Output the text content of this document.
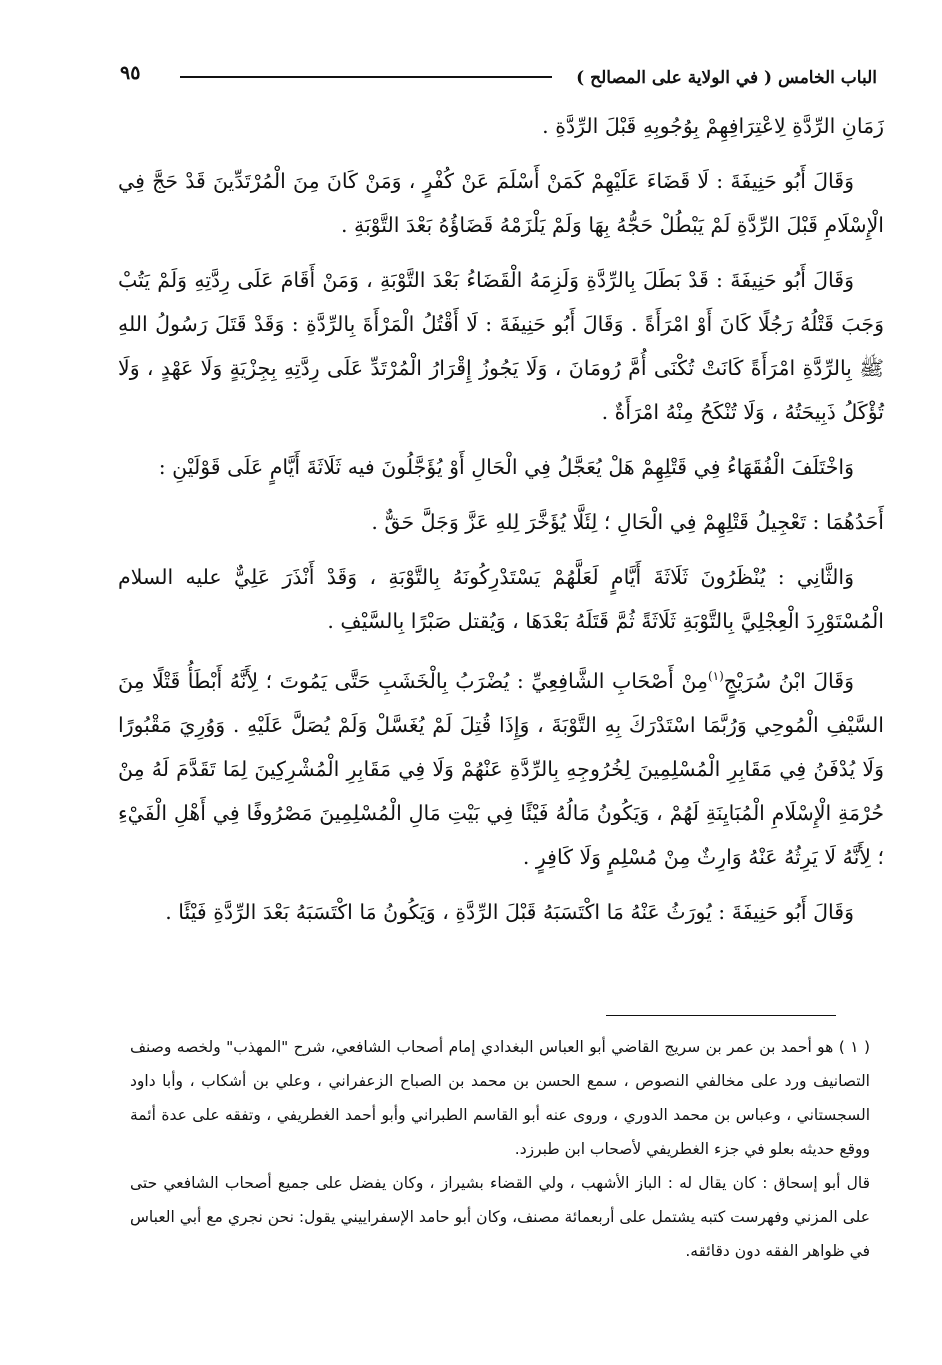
الباب الخامس ( في الولاية على المصالح )
٩٥

زَمَانِ الرِّدَّةِ لِاعْتِرَافِهِمْ بِوُجُوبِهِ قَبْلَ الرِّدَّةِ .

وَقَالَ أَبُو حَنِيفَةَ : لَا قَضَاءَ عَلَيْهِمْ كَمَنْ أَسْلَمَ عَنْ كُفْرٍ ، وَمَنْ كَانَ مِنَ الْمُرْتَدِّينَ قَدْ حَجَّ فِي الْإِسْلَامِ قَبْلَ الرِّدَّةِ لَمْ يَبْطُلْ حَجُّهُ بِهَا وَلَمْ يَلْزَمْهُ قَضَاؤُهُ بَعْدَ التَّوْبَةِ .

وَقَالَ أَبُو حَنِيفَةَ : قَدْ بَطَلَ بِالرِّدَّةِ وَلَزِمَهُ الْقَضَاءُ بَعْدَ التَّوْبَةِ ، وَمَنْ أَقَامَ عَلَى رِدَّتِهِ وَلَمْ يَتُبْ وَجَبَ قَتْلُهُ رَجُلًا كَانَ أَوْ امْرَأَةً . وَقَالَ أَبُو حَنِيفَةَ : لَا أَقْتُلُ الْمَرْأَةَ بِالرِّدَّةِ : وَقَدْ قَتَلَ رَسُولُ اللهِ ﷺ بِالرِّدَّةِ امْرَأَةً كَانَتْ تُكْنَى أُمَّ رُومَانَ ، وَلَا يَجُوزُ إِقْرَارُ الْمُرْتَدِّ عَلَى رِدَّتِهِ بِجِزْيَةٍ وَلَا عَهْدٍ ، وَلَا تُؤْكَلُ ذَبِيحَتُهُ ، وَلَا تُنْكَحُ مِنْهُ امْرَأَةٌ .

وَاخْتَلَفَ الْفُقَهَاءُ فِي قَتْلِهِمْ هَلْ يُعَجَّلُ فِي الْحَالِ أَوْ يُؤَجَّلُونَ فيه ثَلَاثَةَ أَيَّامٍ عَلَى قَوْلَيْنِ :

أَحَدُهُمَا : تَعْجِيلُ قَتْلِهِمْ فِي الْحَالِ ؛ لِئَلَّا يُؤَخَّرَ لِلهِ عَزَّ وَجَلَّ حَقٌّ .

وَالثَّانِي : يُنْظَرُونَ ثَلَاثَةَ أَيَّامٍ لَعَلَّهُمْ يَسْتَدْرِكُونَهُ بِالتَّوْبَةِ ، وَقَدْ أَنْذَرَ عَلِيٌّ عليه السلام الْمُسْتَوْرِدَ الْعِجْلِيَّ بِالتَّوْبَةِ ثَلَاثَةً ثُمَّ قَتَلَهُ بَعْدَهَا ، وَيُقتل صَبْرًا بِالسَّيْفِ .

وَقَالَ ابْنُ سُرَيْجٍ$^{(١)}$مِنْ أَصْحَابِ الشَّافِعِيِّ : يُضْرَبُ بِالْخَشَبِ حَتَّى يَمُوتَ ؛ لِأَنَّهُ أَبْطَأُ قَتْلًا مِنَ السَّيْفِ الْمُوحِي وَرُبَّمَا اسْتَدْرَكَ بِهِ التَّوْبَةَ ، وَإِذَا قُتِلَ لَمْ يُغَسَّلْ وَلَمْ يُصَلَّ عَلَيْهِ . وَوُرِيَ مَقْبُورًا وَلَا يُدْفَنُ فِي مَقَابِرِ الْمُسْلِمِينَ لِخُرُوجِهِ بِالرِّدَّةِ عَنْهُمْ وَلَا فِي مَقَابِرِ الْمُشْرِكِينَ لِمَا تَقَدَّمَ لَهُ مِنْ حُرْمَةِ الْإِسْلَامِ الْمُبَايِنَةِ لَهُمْ ، وَيَكُونُ مَالُهُ فَيْئًا فِي بَيْتِ مَالِ الْمُسْلِمِينَ مَصْرُوفًا فِي أَهْلِ الْفَيْءِ ؛ لِأَنَّهُ لَا يَرِثُهُ عَنْهُ وَارِثٌ مِنْ مُسْلِمٍ وَلَا كَافِرٍ .

وَقَالَ أَبُو حَنِيفَةَ : يُورَثُ عَنْهُ مَا اكْتَسَبَهُ قَبْلَ الرِّدَّةِ ، وَيَكُونُ مَا اكْتَسَبَهُ بَعْدَ الرِّدَّةِ فَيْئًا .

( ١ ) هو أحمد بن عمر بن سريج القاضي أبو العباس البغدادي إمام أصحاب الشافعي، شرح "المهذب" ولخصه وصنف التصانيف ورد على مخالفي النصوص ، سمع الحسن بن محمد بن الصباح الزعفراني ، وعلي بن أشكاب ، وأبا داود السجستاني ، وعباس بن محمد الدوري ، وروى عنه أبو القاسم الطبراني وأبو أحمد الغطريفي ، وتفقه على عدة أئمة ووقع حديثه بعلو في جزء الغطريفي لأصحاب ابن طبرزد.

قال أبو إسحاق : كان يقال له : الباز الأشهب ، ولي القضاء بشيراز ، وكان يفضل على جميع أصحاب الشافعي حتى على المزني وفهرست كتبه يشتمل على أربعمائة مصنف، وكان أبو حامد الإسفراييني يقول: نحن نجري مع أبي العباس في ظواهر الفقه دون دقائقه.
